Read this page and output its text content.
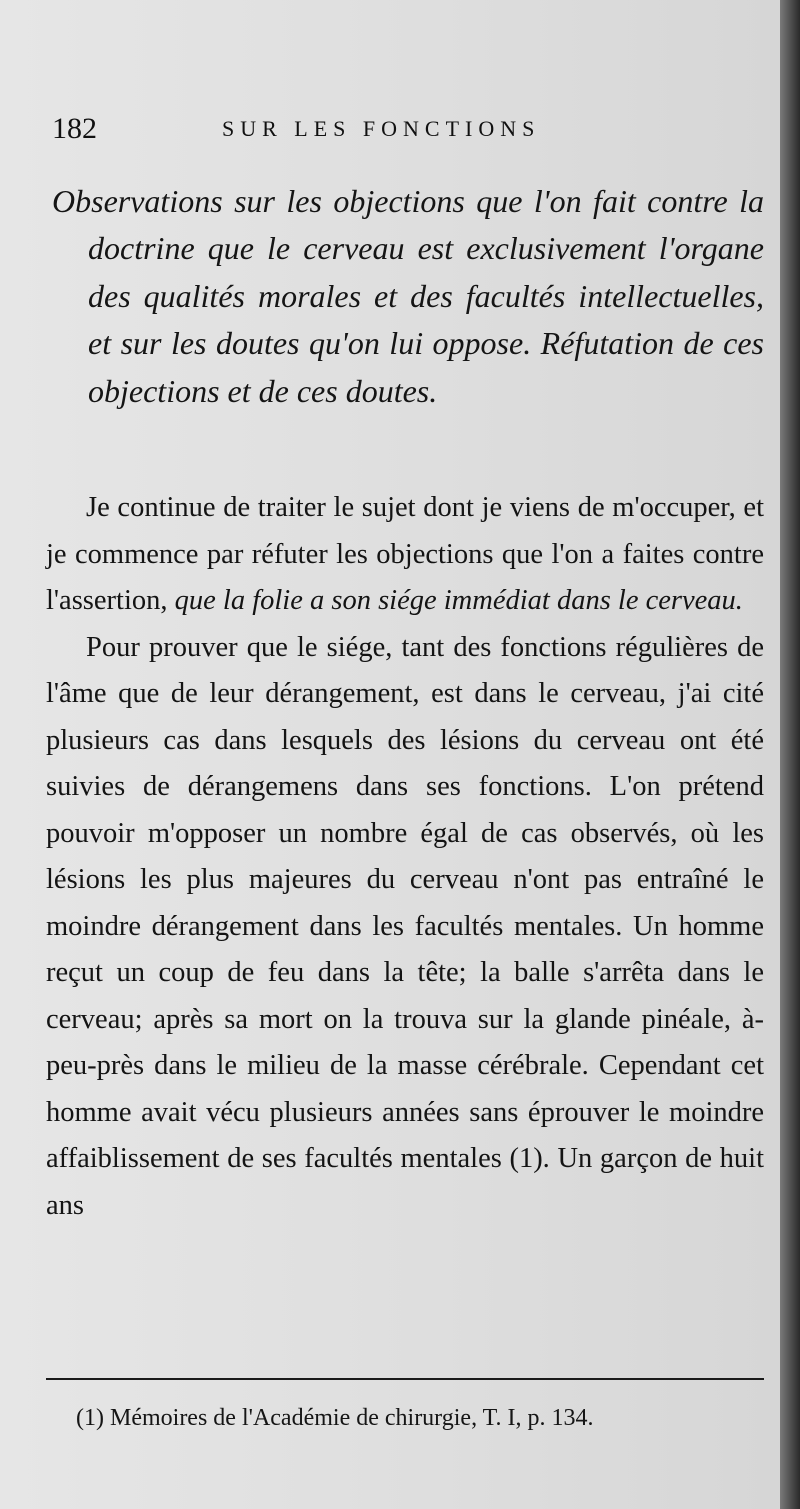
182	SUR LES FONCTIONS

Observations sur les objections que l'on fait contre la doctrine que le cerveau est exclusivement l'organe des qualités morales et des facultés intellectuelles, et sur les doutes qu'on lui oppose. Réfutation de ces objections et de ces doutes.

Je continue de traiter le sujet dont je viens de m'occuper, et je commence par réfuter les objections que l'on a faites contre l'assertion, que la folie a son siége immédiat dans le cerveau.

Pour prouver que le siége, tant des fonctions régulières de l'âme que de leur dérangement, est dans le cerveau, j'ai cité plusieurs cas dans lesquels des lésions du cerveau ont été suivies de dérangemens dans ses fonctions. L'on prétend pouvoir m'opposer un nombre égal de cas observés, où les lésions les plus majeures du cerveau n'ont pas entraîné le moindre dérangement dans les facultés mentales. Un homme reçut un coup de feu dans la tête; la balle s'arrêta dans le cerveau; après sa mort on la trouva sur la glande pinéale, à-peu-près dans le milieu de la masse cérébrale. Cependant cet homme avait vécu plusieurs années sans éprouver le moindre affaiblissement de ses facultés mentales (1). Un garçon de huit ans

(1) Mémoires de l'Académie de chirurgie, T. I, p. 134.
